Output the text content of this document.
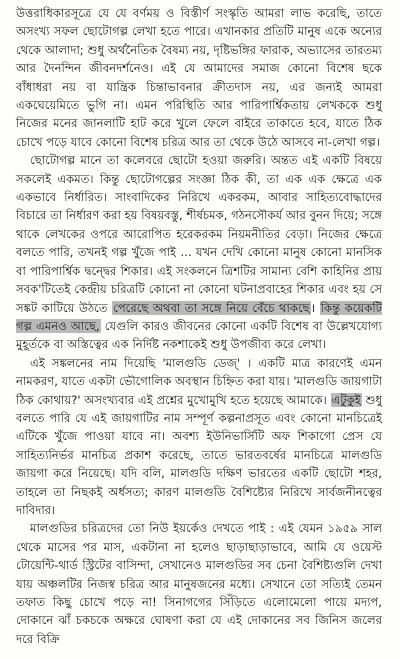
উত্তরাধিকারসূত্রে যে যে বর্ণময় ও বিস্তীর্ণ সংস্কৃতি আমরা লাভ করেছি, তাতে অসংখ্য সফল ছোটোগল্প লেখা হতে পারে। এখানকার প্রতিটি মানুষ একে অন্যের থেকে আলাদা; শুধু অর্থনৈতিক বৈষম্য নয়, দৃষ্টিভঙ্গির ফারাক, অভ্যাসের তারতম্য আর দৈনন্দিন জীবনদর্শনেও। এই যে আমাদের সমাজ কোনো বিশেষ ছকে বাঁধাধরা নয় বা যান্ত্রিক চিন্তাভাবনার ক্রীতদাস নয়, এর জন্যই আমরা একঘেয়েমিতে ভুগি না। এমন পরিস্থিতি আর পারিপার্শ্বিকতায় লেখককে শুধু নিজের মনের জানলাটি হাট করে খুলে ফেলে বাইরে তাকাতে হবে, যাতে ঠিক চোখে পড়ে যাবে কোনো বিশেষ চরিত্র আর তা থেকে উঠে আসবে না-লেখা গল্প।

ছোটোগল্প মানে তা কলেবরে ছোটো হওয়া জরুরি। অন্তত এই একটি বিষয়ে সকলেই একমত। কিন্তু ছোটোগল্পের সংজ্ঞা ঠিক কী, তা এক এক ক্ষেত্রে এক একভাবে নির্ধারিত। সাংবাদিকের নিরিখে একরকম, আবার সাহিত্যবোদ্ধাদের বিচারে তা নির্ধারণ করা হয় বিষয়বস্তু, শীর্ষচমক, গঠনসৌকর্য আর বুনন দিয়ে; সঙ্গে থাকে লেখকের ওপরে আরোপিত হরেকরকম নিয়মনীতির বেড়া। নিজের ক্ষেত্রে বলতে পারি, তখনই গল্প খুঁজে পাই ... যখন দেখি কোনো মানুষ কোনো মানসিক বা পারিপার্শ্বিক দ্বন্দ্বের শিকার। এই সংকলনে ত্রিশটির সামান্য বেশি কাহিনির প্রায় সবক'টিতেই কেন্দ্রীয় চরিত্রটি কোনো না কোনো ঘটনাপ্রবাহের শিকার এবং হয় সে সঙ্কট কাটিয়ে উঠতে পেরেছে অথবা তা সঙ্গে নিয়ে বেঁচে থাকছে। কিন্তু কয়েকটি গল্প এমনও আছে, যেগুলি কারও জীবনের কোনো একটি বিশেষ বা উল্লেখযোগ্য মুহূর্তকে বা অস্তিত্বের এক নির্দিষ্ট নকশাকেই শুধু উপজীব্য করে লেখা।

এই সঙ্কলনের নাম দিয়েছি 'মালগুডি ডেজ্' । একটি মাত্র কারণেই এমন নামকরণ, যাতে একটা ভৌগোলিক অবস্থান চিহ্নিত করা যায়। 'মালগুডি জায়গাটা ঠিক কোথায়?' অসংখ্যবার এই প্রশ্নের মুখোমুখি হতে হয়েছে আমাকে। এটুকুই শুধু বলতে পারি যে এই জায়গাটির নাম সম্পূর্ণ কল্পনাপ্রসূত এবং কোনো মানচিত্রেই এটিকে খুঁজে পাওয়া যাবে না। অবশ্য ইউনিভার্সিটি অফ শিকাগো প্রেস যে সাহিত্যনির্ভর মানচিত্র প্রকাশ করেছে, তাতে ভারতবর্ষের মানচিত্রে মালগুডি জায়গা করে নিয়েছে। যদি বলি, মালগুডি দক্ষিণ ভারতের একটি ছোটো শহর, তাহলে তা নিছকই অর্ধসত্য; কারণ মালগুডি বৈশিষ্ট্যের নিরিখে সার্বজনীনত্বের দাবিদার।

মালগুডির চরিত্রদের তো নিউ ইয়র্কেও দেখতে পাই : এই যেমন ১৯৫৯ সাল থেকে মাসের পর মাস, একটানা না হলেও ছাড়াছাড়াভাবে, আমি যে ওয়েস্ট টোয়েন্টি-থার্ড স্ট্রিটের বাসিন্দা, সেখানেও মালগুডির সব চেনা বৈশিষ্ট্যগুলি দেখা যায় অঞ্চলটির নিজস্ব চরিত্র আর মানুষজনের মধ্যে। সেখানে তো সত্যিই তেমন তফাত কিছু চোখে পড়ে না! সিনাগগের সিঁড়িতে এলোমেলো পায়ে মদ্যপ, দোকানে ঝাঁ চকচকে অক্ষরে ঘোষণা করা যে এই দোকানের সব জিনিস জলের দরে বিক্রি
